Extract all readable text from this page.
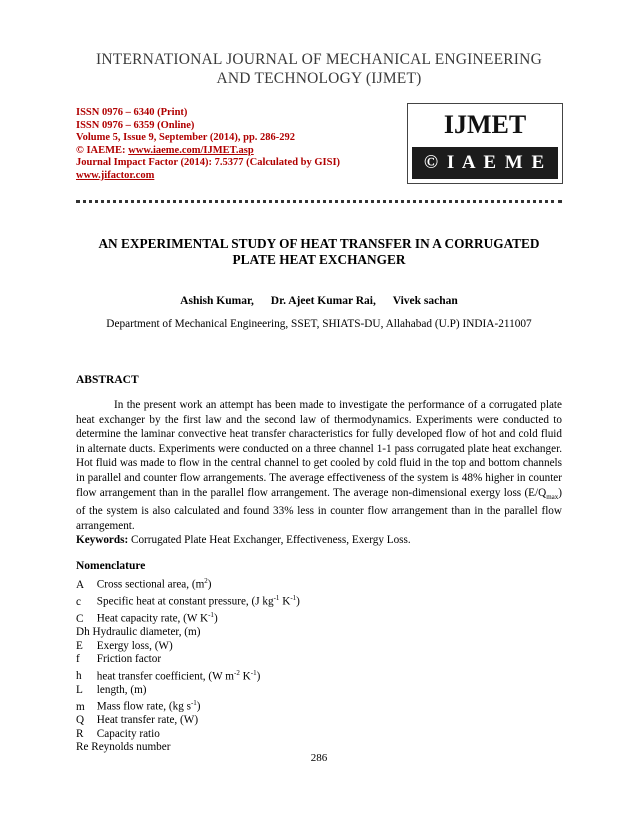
INTERNATIONAL JOURNAL OF MECHANICAL ENGINEERING
AND TECHNOLOGY (IJMET)
ISSN 0976 – 6340 (Print)
ISSN 0976 – 6359 (Online)
Volume 5, Issue 9, September (2014), pp. 286-292
© IAEME: www.iaeme.com/IJMET.asp
Journal Impact Factor (2014): 7.5377 (Calculated by GISI)
www.jifactor.com
IJMET
© I A E M E
AN EXPERIMENTAL STUDY OF HEAT TRANSFER IN A CORRUGATED
PLATE HEAT EXCHANGER
Ashish Kumar, Dr. Ajeet Kumar Rai, Vivek sachan
Department of Mechanical Engineering, SSET, SHIATS-DU, Allahabad (U.P) INDIA-211007
ABSTRACT

In the present work an attempt has been made to investigate the performance of a corrugated plate heat exchanger by the first law and the second law of thermodynamics. Experiments were conducted to determine the laminar convective heat transfer characteristics for fully developed flow of hot and cold fluid in alternate ducts. Experiments were conducted on a three channel 1-1 pass corrugated plate heat exchanger. Hot fluid was made to flow in the central channel to get cooled by cold fluid in the top and bottom channels in parallel and counter flow arrangements. The average effectiveness of the system is 48% higher in counter flow arrangement than in the parallel flow arrangement. The average non-dimensional exergy loss $(E/Q_{max})$ of the system is also calculated and found 33% less in counter flow arrangement than in the parallel flow arrangement.

Keywords: Corrugated Plate Heat Exchanger, Effectiveness, Exergy Loss.
Nomenclature
A Cross sectional area, $(m^2)$
c Specific heat at constant pressure, (J $kg^{-1}$ $K^{-1}$)
C Heat capacity rate, (W $K^{-1}$)
Dh Hydraulic diameter, (m)
E Exergy loss, (W)
f Friction factor
h heat transfer coefficient, (W $m^{-2}$ $K^{-1}$)
L length, (m)
m Mass flow rate, (kg $s^{-1}$)
Q Heat transfer rate, (W)
R Capacity ratio
Re Reynolds number
286
